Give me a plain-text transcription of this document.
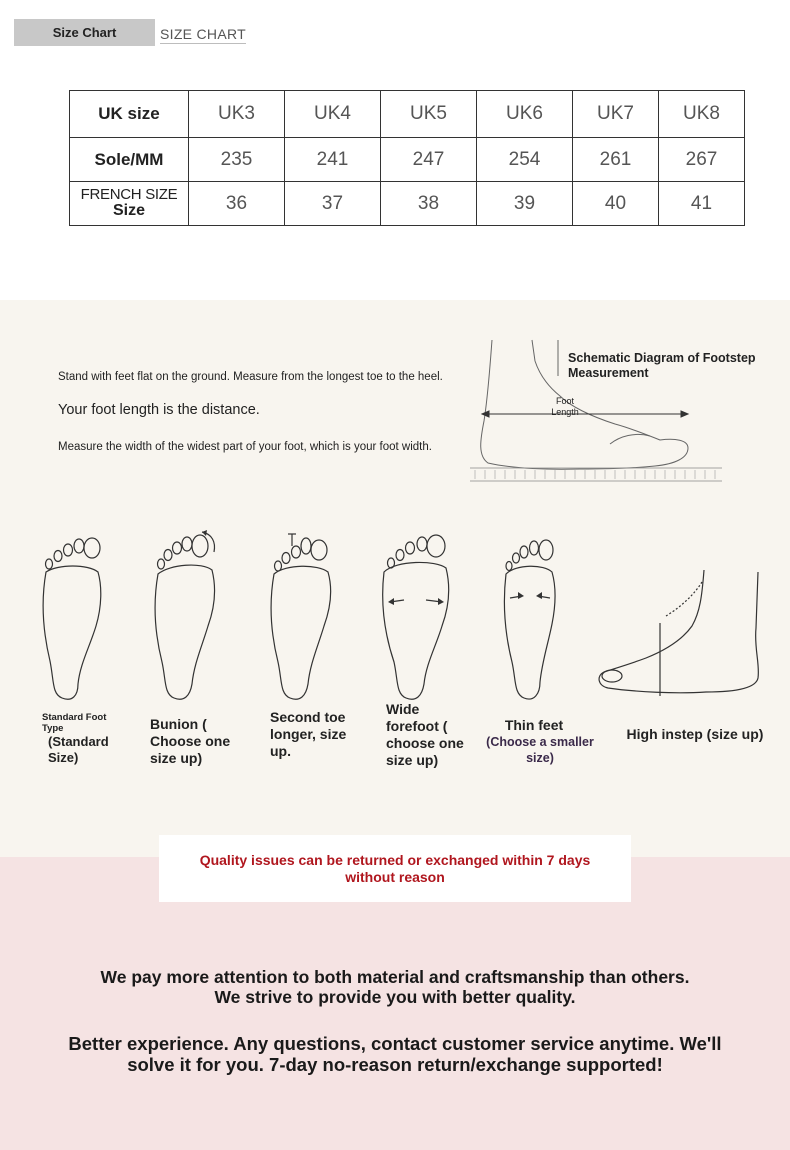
Size Chart	SIZE CHART
UK size	UK3	UK4	UK5	UK6	UK7	UK8
Sole/MM	235	241	247	254	261	267

FRENCH SIZE
Size	36	37	38	39	40	41
Stand with feet flat on the ground. Measure from the longest toe to the heel.
Your foot length is the distance.
Measure the width of the widest part of your foot, which is your foot width.
Schematic Diagram of Footstep Measurement
Foot Length
Standard Foot Type
(Standard Size)
Bunion ( Choose one size up)
Second toe longer, size up.
Wide forefoot ( choose one size up)
Thin feet
(Choose a smaller size)
High instep (size up)
Quality issues can be returned or exchanged within 7 days without reason
We pay more attention to both material and craftsmanship than others. We strive to provide you with better quality.
Better experience. Any questions, contact customer service anytime. We'll solve it for you. 7-day no-reason return/exchange supported!
